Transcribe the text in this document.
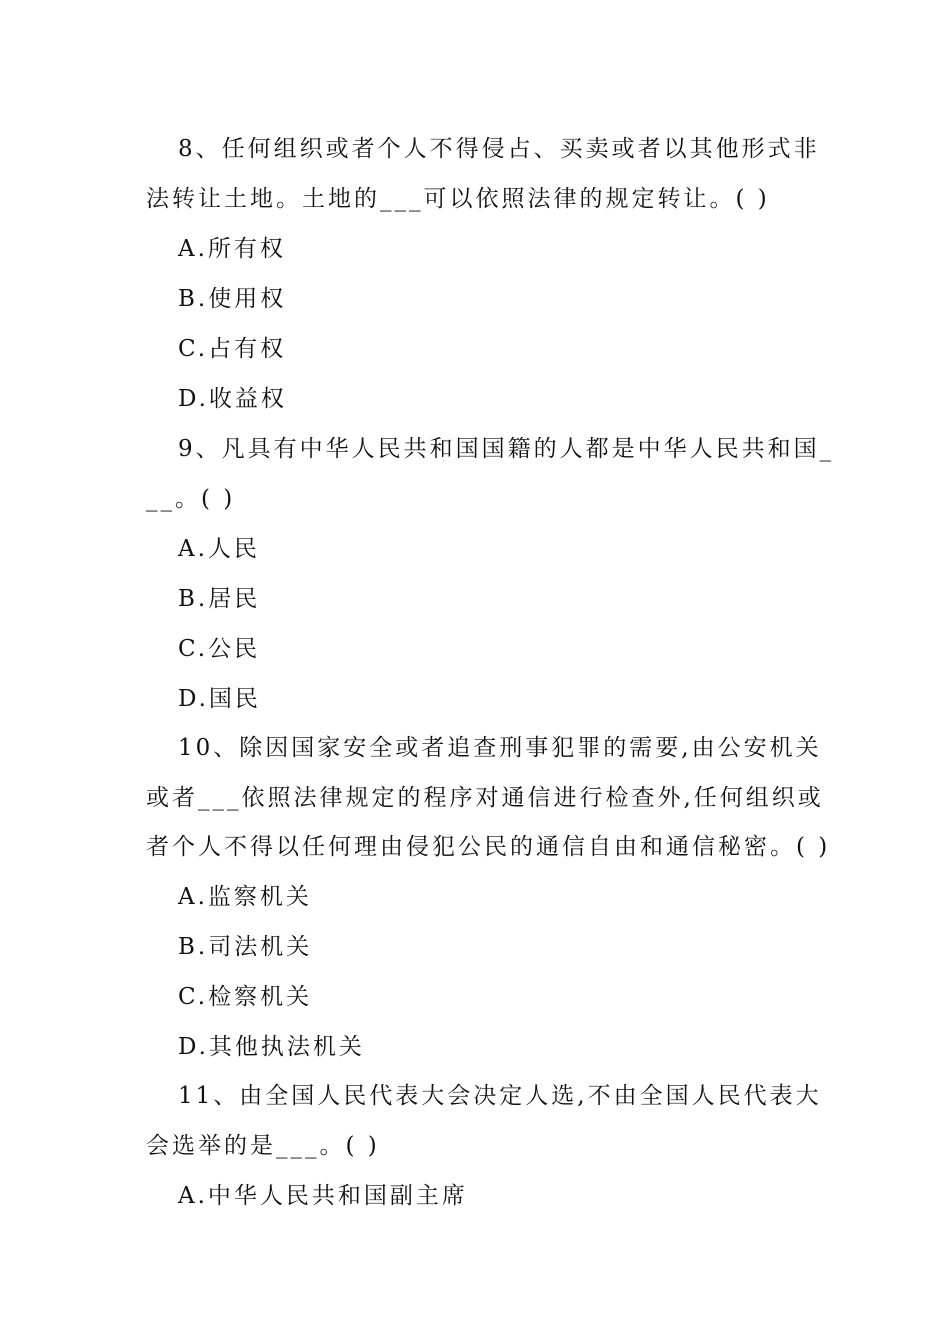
8、任何组织或者个人不得侵占、买卖或者以其他形式非
法转让土地。土地的___可以依照法律的规定转让。( )
A.所有权
B.使用权
C.占有权
D.收益权
9、凡具有中华人民共和国国籍的人都是中华人民共和国_
__。( )
A.人民
B.居民
C.公民
D.国民
10、除因国家安全或者追查刑事犯罪的需要,由公安机关
或者___依照法律规定的程序对通信进行检查外,任何组织或
者个人不得以任何理由侵犯公民的通信自由和通信秘密。( )
A.监察机关
B.司法机关
C.检察机关
D.其他执法机关
11、由全国人民代表大会决定人选,不由全国人民代表大
会选举的是___。( )
A.中华人民共和国副主席
